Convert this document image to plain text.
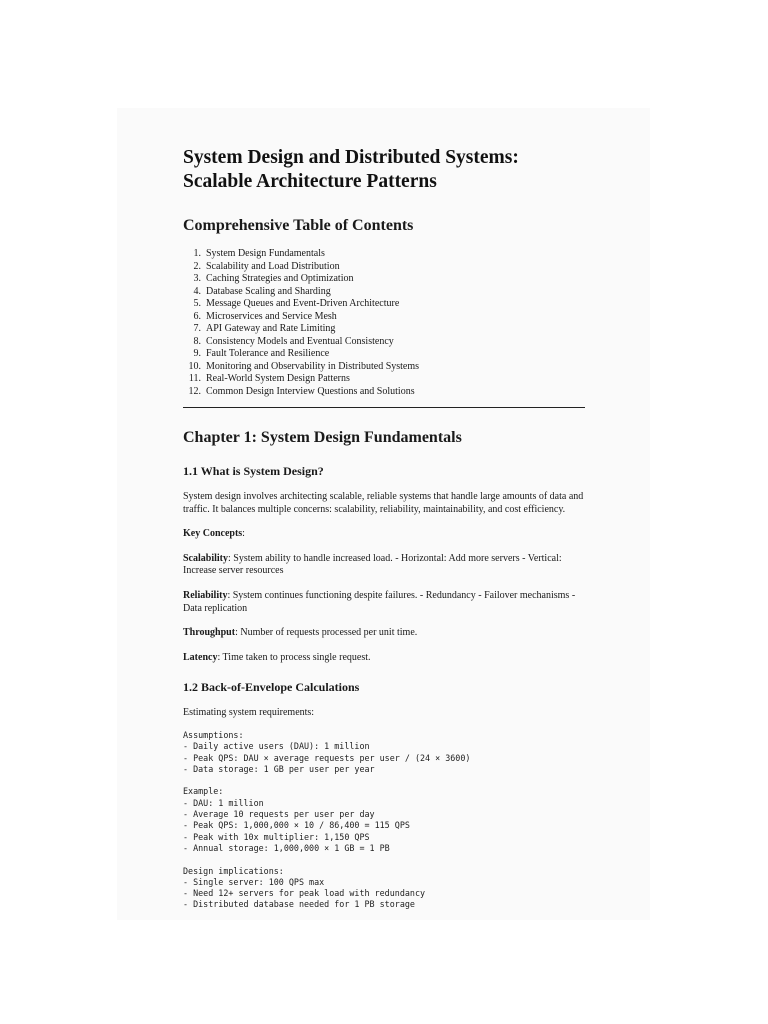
System Design and Distributed Systems:
Scalable Architecture Patterns
Comprehensive Table of Contents
1. System Design Fundamentals
2. Scalability and Load Distribution
3. Caching Strategies and Optimization
4. Database Scaling and Sharding
5. Message Queues and Event-Driven Architecture
6. Microservices and Service Mesh
7. API Gateway and Rate Limiting
8. Consistency Models and Eventual Consistency
9. Fault Tolerance and Resilience
10. Monitoring and Observability in Distributed Systems
11. Real-World System Design Patterns
12. Common Design Interview Questions and Solutions
Chapter 1: System Design Fundamentals
1.1 What is System Design?

System design involves architecting scalable, reliable systems that handle large amounts of data and traffic. It balances multiple concerns: scalability, reliability, maintainability, and cost efficiency.

Key Concepts:

Scalability: System ability to handle increased load. - Horizontal: Add more servers - Vertical: Increase server resources

Reliability: System continues functioning despite failures. - Redundancy - Failover mechanisms - Data replication

Throughput: Number of requests processed per unit time.

Latency: Time taken to process single request.

1.2 Back-of-Envelope Calculations

Estimating system requirements:

Assumptions:
- Daily active users (DAU): 1 million
- Peak QPS: DAU × average requests per user / (24 × 3600)
- Data storage: 1 GB per user per year

Example:
- DAU: 1 million
- Average 10 requests per user per day
- Peak QPS: 1,000,000 × 10 / 86,400 = 115 QPS
- Peak with 10x multiplier: 1,150 QPS
- Annual storage: 1,000,000 × 1 GB = 1 PB

Design implications:
- Single server: 100 QPS max
- Need 12+ servers for peak load with redundancy
- Distributed database needed for 1 PB storage
